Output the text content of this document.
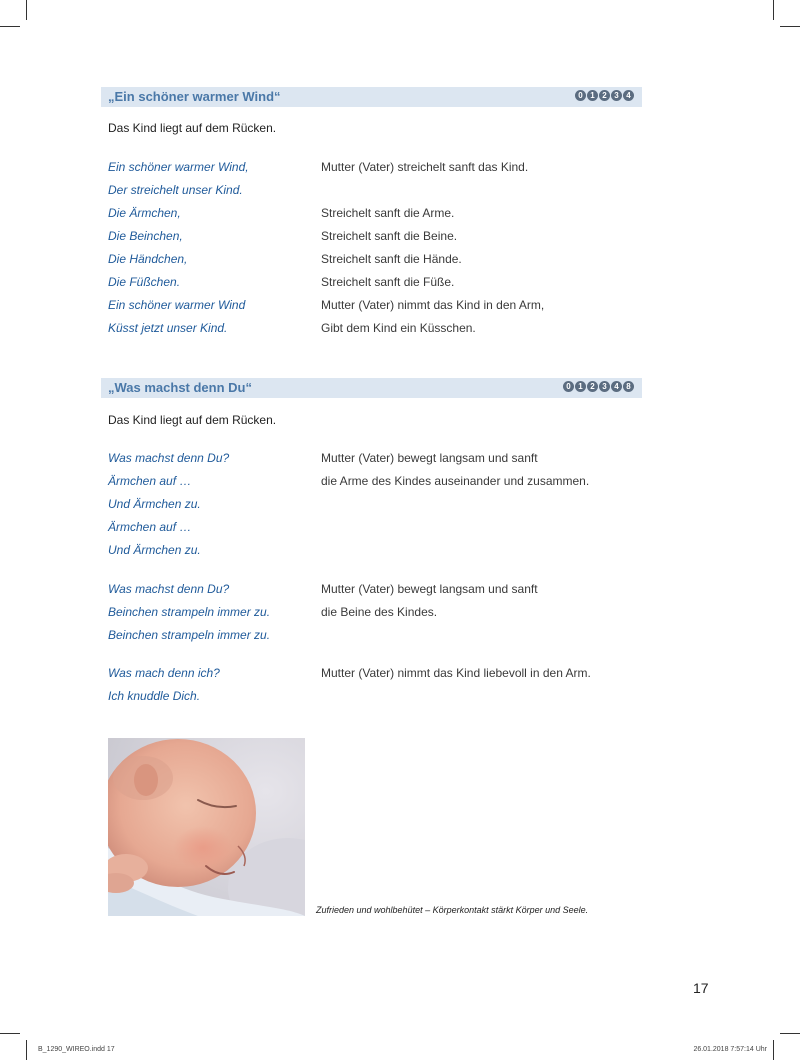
„Ein schöner warmer Wind“	0 1 2 3 4
Das Kind liegt auf dem Rücken.
Ein schöner warmer Wind,	Mutter (Vater) streichelt sanft das Kind.
Der streichelt unser Kind.
Die Ärmchen,	Streichelt sanft die Arme.
Die Beinchen,	Streichelt sanft die Beine.
Die Händchen,	Streichelt sanft die Hände.
Die Füßchen.	Streichelt sanft die Füße.
Ein schöner warmer Wind	Mutter (Vater) nimmt das Kind in den Arm,
Küsst jetzt unser Kind.	Gibt dem Kind ein Küsschen.
„Was machst denn Du“	0 1 2 3 4 8
Das Kind liegt auf dem Rücken.
Was machst denn Du?	Mutter (Vater) bewegt langsam und sanft
Ärmchen auf …	die Arme des Kindes auseinander und zusammen.
Und Ärmchen zu.
Ärmchen auf …
Und Ärmchen zu.
Was machst denn Du?	Mutter (Vater) bewegt langsam und sanft
Beinchen strampeln immer zu.	die Beine des Kindes.
Beinchen strampeln immer zu.
Was mach denn ich?	Mutter (Vater) nimmt das Kind liebevoll in den Arm.
Ich knuddle Dich.
Zufrieden und wohlbehütet – Körperkontakt stärkt Körper und Seele.
17
B_1290_WIREO.indd 17	26.01.2018 7:57:14 Uhr
